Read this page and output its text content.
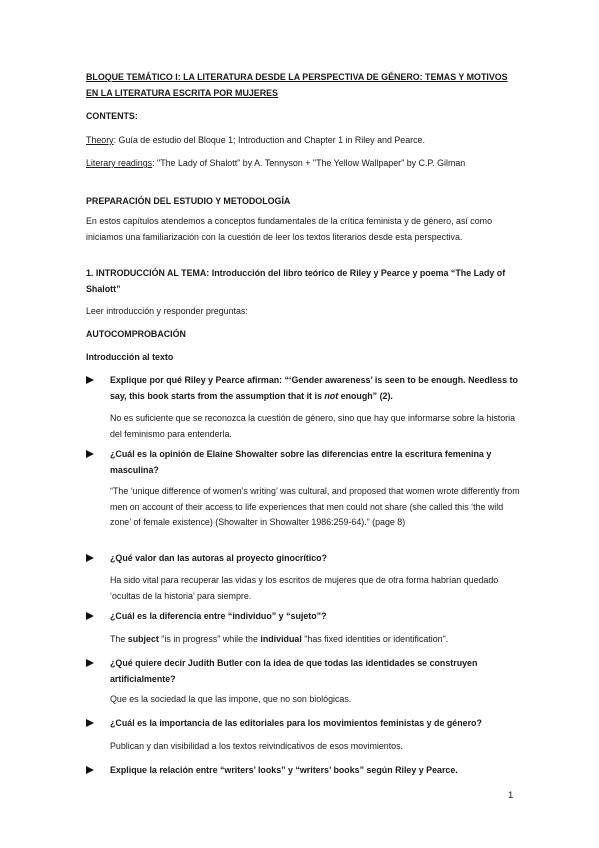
BLOQUE TEMÁTICO I: LA LITERATURA DESDE LA PERSPECTIVA DE GÉNERO: TEMAS Y MOTIVOS EN LA LITERATURA ESCRITA POR MUJERES

CONTENTS:

Theory: Guía de estudio del Bloque 1; Introduction and Chapter 1 in Riley and Pearce.

Literary readings: "The Lady of Shalott" by A. Tennyson + "The Yellow Wallpaper" by C.P. Gilman

PREPARACIÓN DEL ESTUDIO Y METODOLOGÍA

En estos capítulos atendemos a conceptos fundamentales de la crítica feminista y de género, así como iniciamos una familiarización con la cuestión de leer los textos literarios desde esta perspectiva.

1. INTRODUCCIÓN AL TEMA: Introducción del libro teórico de Riley y Pearce y poema “The Lady of Shalott”

Leer introducción y responder preguntas:

AUTOCOMPROBACIÓN

Introducción al texto

Explique por qué Riley y Pearce afirman: “‘Gender awareness’ is seen to be enough. Needless to say, this book starts from the assumption that it is not enough” (2).

No es suficiente que se reconozca la cuestión de género, sino que hay que informarse sobre la historia del feminismo para entenderla.

¿Cuál es la opinión de Elaine Showalter sobre las diferencias entre la escritura femenina y masculina?

“The ‘unique difference of women’s writing’ was cultural, and proposed that women wrote differently from men on account of their access to life experiences that men could not share (she called this ‘the wild zone’ of female existence) (Showalter in Showalter 1986:259-64).” (page 8)

¿Qué valor dan las autoras al proyecto ginocrítico?

Ha sido vital para recuperar las vidas y los escritos de mujeres que de otra forma habrían quedado ‘ocultas de la historia’ para siempre.

¿Cuál es la diferencia entre “individuo” y “sujeto”?

The subject "is in progress" while the individual "has fixed identities or identification".

¿Qué quiere decir Judith Butler con la idea de que todas las identidades se construyen artificialmente?

Que es la sociedad la que las impone, que no son biológicas.

¿Cuál es la importancia de las editoriales para los movimientos feministas y de género?

Publican y dan visibilidad a los textos reivindicativos de esos movimientos.

Explique la relación entre “writers’ looks” y “writers’ books” según Riley y Pearce.
1
